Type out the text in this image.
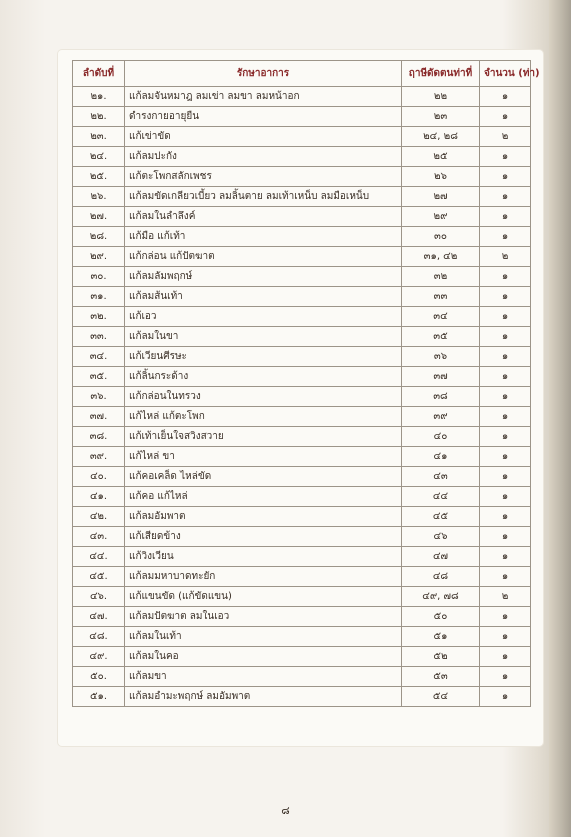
ลำดับที่	รักษาอาการ	ฤาษีดัดตนท่าที่	จำนวน (ท่า)
๒๑.	แก้ลมจันหมาฎ ลมเข่า ลมขา ลมหน้าอก	๒๒	๑
๒๒.	ดำรงกายอายุยืน	๒๓	๑
๒๓.	แก้เข่าขัด	๒๔, ๒๘	๒
๒๔.	แก้ลมปะกัง	๒๕	๑
๒๕.	แก้ตะโพกสลักเพชร	๒๖	๑
๒๖.	แก้ลมขัดเกลียวเบี้ยว ลมลิ้นตาย ลมเท้าเหน็บ ลมมือเหน็บ	๒๗	๑
๒๗.	แก้ลมในลำลึงค์	๒๙	๑
๒๘.	แก้มือ แก้เท้า	๓๐	๑
๒๙.	แก้กล่อน แก้ปัตฆาต	๓๑, ๔๒	๒
๓๐.	แก้ลมลัมพฤกษ์	๓๒	๑
๓๑.	แก้ลมส้นเท้า	๓๓	๑
๓๒.	แก้เอว	๓๔	๑
๓๓.	แก้ลมในขา	๓๕	๑
๓๔.	แก้เวียนศีรษะ	๓๖	๑
๓๕.	แก้ลิ้นกระด้าง	๓๗	๑
๓๖.	แก้กล่อนในทรวง	๓๘	๑
๓๗.	แก้ไหล่ แก้ตะโพก	๓๙	๑
๓๘.	แก้เท้าเย็นใจสวิงสวาย	๔๐	๑
๓๙.	แก้ไหล่ ขา	๔๑	๑
๔๐.	แก้คอเคล็ด ไหล่ขัด	๔๓	๑
๔๑.	แก้คอ แก้ไหล่	๔๔	๑
๔๒.	แก้ลมอัมพาต	๔๕	๑
๔๓.	แก้เสียดข้าง	๔๖	๑
๔๔.	แก้วิงเวียน	๔๗	๑
๔๕.	แก้ลมมหาบาดทะยัก	๔๘	๑
๔๖.	แก้แขนขัด (แก้ขัดแขน)	๔๙, ๗๘	๒
๔๗.	แก้ลมปัตฆาต ลมในเอว	๕๐	๑
๔๘.	แก้ลมในเท้า	๕๑	๑
๔๙.	แก้ลมในคอ	๕๒	๑
๕๐.	แก้ลมขา	๕๓	๑
๕๑.	แก้ลมอำมะพฤกษ์ ลมอัมพาต	๕๔	๑
๘
